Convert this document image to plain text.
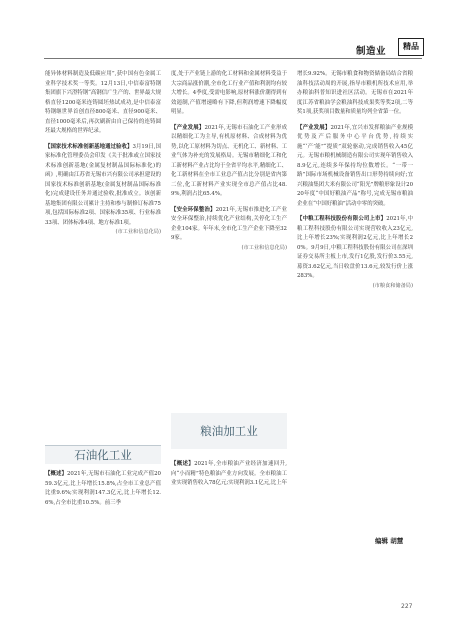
制造业	精品

能异体材料制造及低碳应用”,获中国有色金属工业科学技术奖一等奖。12月13日,中信泰富特钢集团旗下兴澄特钢“高钢信广生产的、世界最大规格直径1200毫米连铸圆坯热试成功,是中信泰富特钢继世界首创直径800毫米、直径900毫米、直径1000毫米后,再次刷新由自己保持的连铸圆坯最大规格的世界纪录。

【国家技术标准创新基地通过验收】3月19日,国家标准化管理委员会印发《关于批准或立国家技术标准创新基地(金属复材制品国际标准化)的函》,明确由江苏省无锡市兴有限公司承担建设的国家技术标准创新基地(金属复材制品国际标准化)完成建设任务并通过验收,批准成立。该创新基地集团有限公司累计主持和参与制修订标准75项,包括国际标准2项、国家标准35项、行业标准33项、团体标准4项、地方标准1项。

(市工业和信息化局)

度,处于产业链上游的化工材料和金属材料受益于大宗商品涨价潮,全市化工行业产值和利润均有较大增长。4季度,受需电影响,原材料涨价潮得到有效遏制,产值增速略有下降,但利润增速下降幅度明显。

【产业发展】2021年,无锡市石油化工产业形成以精细化工为主导,有机原材料、合成材料为优势,以化工原材料为切点、无机化工、新材料、工业气体为补充的发展格局。无锡市精细化工和化工新材料产业占比均于全省平均水平,精细化工、化工新材料在全市工业总产值占比分别是省内第二位,化工新材料产业实现全市总产值占比48.9%,利润占比65.4%。

【安全环保整治】2021年,无锡市推进化工产业安全环保整治,持续优化产业结构,关停化工生产企业104家。年年末,全市化工生产企业下降至329家。

(市工业和信息化局)

增长9.92%。无锡市粮食和物资储备局结合省粮油科技活动周的开展,指导市粮机所技术应用,举办粮油科普知识进社区活动。无锡市在2021年度江苏省粮油学会粮油科技成果奖等奖2项,二等奖1项,获奖项目数量和质量均列全省第一位。

【产业发展】2021年,宜兴市发挥粮油产业规模优势及产后服务中心平台优势,持续实施“‘产’能”“提质”双轮驱动,完成销售收入45亿元。无锡市粮机械制造有限公司实现年销售收入8.9亿元,连续多年保持均位数增长。“一带一路”国际市场机械设备销售出口形势持续向好;宜兴粮油集团大米有限公司“阳光”牌粮形象设计2020年度“中国好粮油产品”称号,完成无锡市粮油企业在“中国好粮油”活动中零的突破。

【中粮工程科技股份有限公司上市】2021年,中粮工程科技股份有限公司实现营收收入23亿元,比上年增长23%;实现利润2亿元,比上年增长20%。9月9日,中粮工程科技股份有限公司在深圳证券交易所主板上市,发行1亿股,发行价3.55元,募资3.62亿元,当日收盘价13.6元,较发行价上涨283%。

(市粮食和储备局)

石油化工业
粮油加工业

【概述】2021年,无锡市石油化工业完成产值2059.3亿元,比上年增长15.8%,占全市工业总产值比重9.6%;实现利润147.3亿元,比上年增长12.6%,占全市比重10.5%。前三季

【概述】2021年,全市粮油产业经济加速回升,向“小而精”特色粮油产业方向发展。全市粮油工业实现销售收入78亿元;实现利润3.1亿元,比上年

编辑 胡慧
227
